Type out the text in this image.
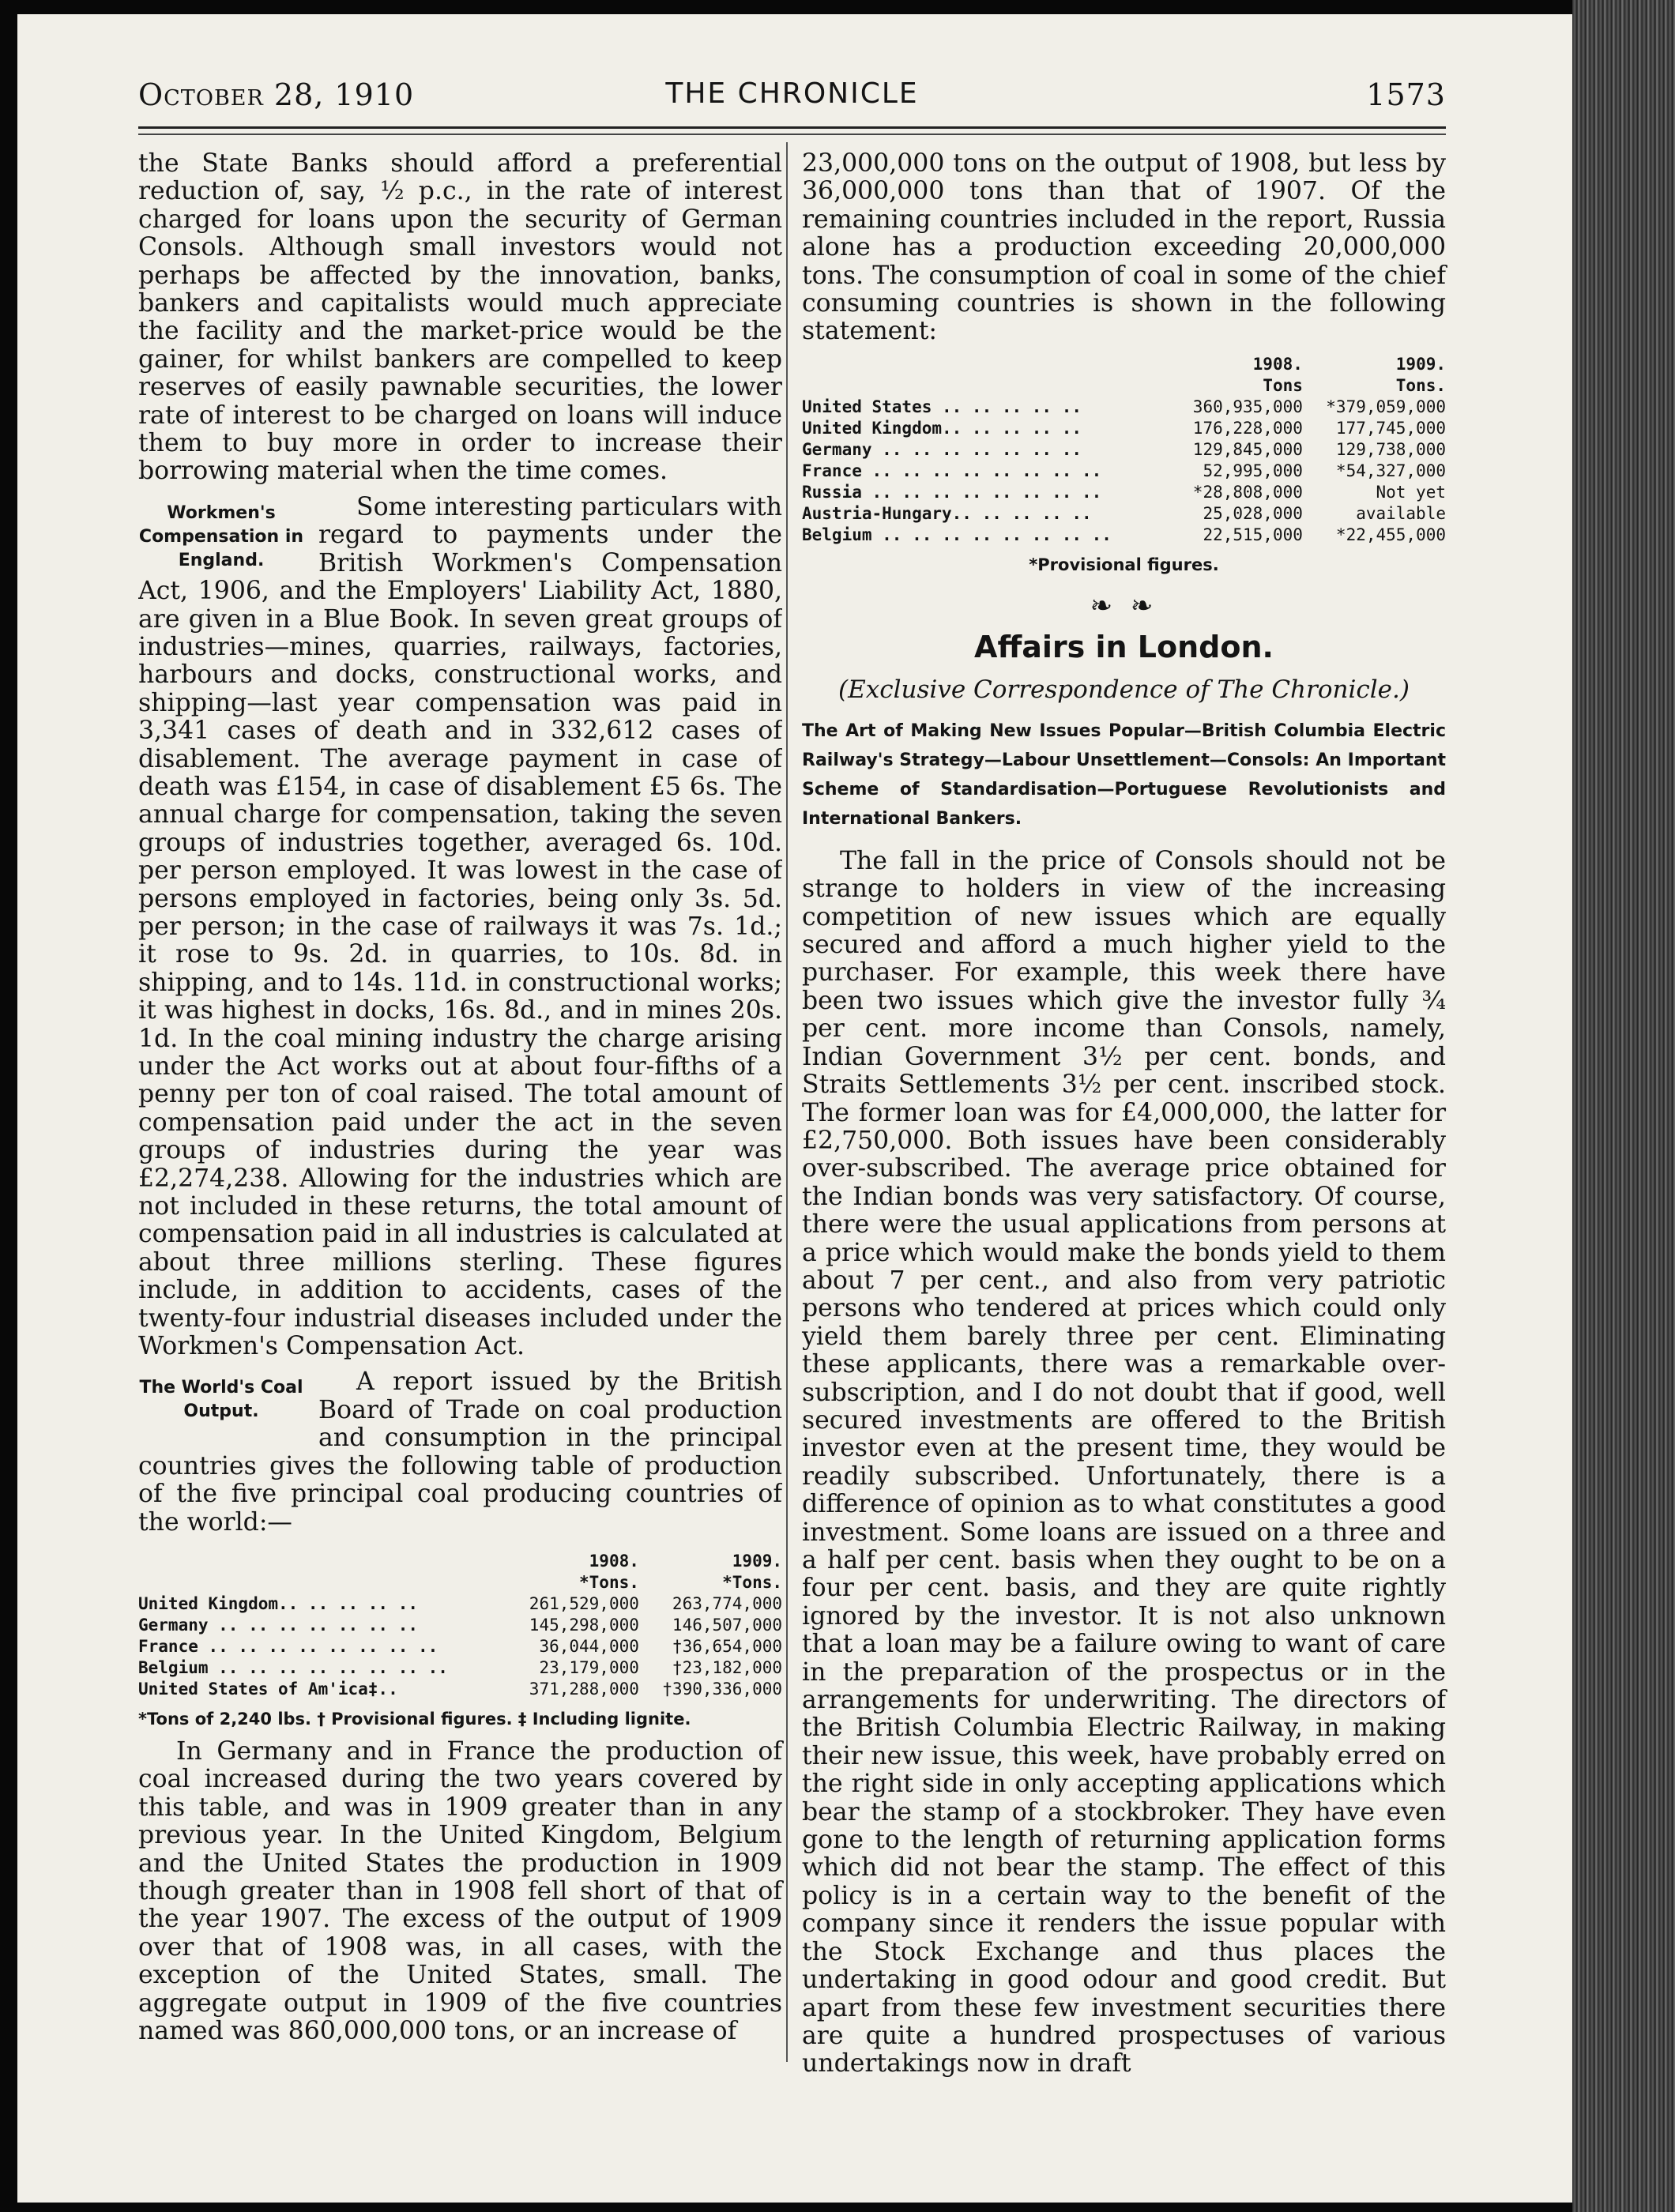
October 28, 1910	THE CHRONICLE	1573

the State Banks should afford a preferential reduction of, say, ½ p.c., in the rate of interest charged for loans upon the security of German Consols. Although small investors would not perhaps be affected by the innovation, banks, bankers and capitalists would much appreciate the facility and the market-price would be the gainer, for whilst bankers are compelled to keep reserves of easily pawnable securities, the lower rate of interest to be charged on loans will induce them to buy more in order to increase their borrowing material when the time comes.

Workmen's Compensation in England.

Some interesting particulars with regard to payments under the British Workmen's Compensation Act, 1906, and the Employers' Liability Act, 1880, are given in a Blue Book. In seven great groups of industries—mines, quarries, railways, factories, harbours and docks, constructional works, and shipping—last year compensation was paid in 3,341 cases of death and in 332,612 cases of disablement. The average payment in case of death was £154, in case of disablement £5 6s. The annual charge for compensation, taking the seven groups of industries together, averaged 6s. 10d. per person employed. It was lowest in the case of persons employed in factories, being only 3s. 5d. per person; in the case of railways it was 7s. 1d.; it rose to 9s. 2d. in quarries, to 10s. 8d. in shipping, and to 14s. 11d. in constructional works; it was highest in docks, 16s. 8d., and in mines 20s. 1d. In the coal mining industry the charge arising under the Act works out at about four-fifths of a penny per ton of coal raised. The total amount of compensation paid under the act in the seven groups of industries during the year was £2,274,238. Allowing for the industries which are not included in these returns, the total amount of compensation paid in all industries is calculated at about three millions sterling. These figures include, in addition to accidents, cases of the twenty-four industrial diseases included under the Workmen's Compensation Act.

The World's Coal Output.

A report issued by the British Board of Trade on coal production and consumption in the principal countries gives the following table of production of the five principal coal producing countries of the world:—

	1908.	1909.
	*Tons.	*Tons.
United Kingdom.. .. .. .. ..	261,529,000	263,774,000
Germany .. .. .. .. .. .. ..	145,298,000	146,507,000
France .. .. .. .. .. .. .. ..	36,044,000	†36,654,000
Belgium .. .. .. .. .. .. .. ..	23,179,000	†23,182,000
United States of Am'ica‡..	371,288,000	†390,336,000
*Tons of 2,240 lbs. † Provisional figures. ‡ Including lignite.

In Germany and in France the production of coal increased during the two years covered by this table, and was in 1909 greater than in any previous year. In the United Kingdom, Belgium and the United States the production in 1909 though greater than in 1908 fell short of that of the year 1907. The excess of the output of 1909 over that of 1908 was, in all cases, with the exception of the United States, small. The aggregate output in 1909 of the five countries named was 860,000,000 tons, or an increase of

23,000,000 tons on the output of 1908, but less by 36,000,000 tons than that of 1907. Of the remaining countries included in the report, Russia alone has a production exceeding 20,000,000 tons. The consumption of coal in some of the chief consuming countries is shown in the following statement:

	1908.	1909.
	Tons	Tons.
United States .. .. .. .. ..	360,935,000	*379,059,000
United Kingdom.. .. .. .. ..	176,228,000	177,745,000
Germany .. .. .. .. .. .. ..	129,845,000	129,738,000
France .. .. .. .. .. .. .. ..	52,995,000	*54,327,000
Russia .. .. .. .. .. .. .. ..	*28,808,000	Not yet
Austria-Hungary.. .. .. .. ..	25,028,000	available
Belgium .. .. .. .. .. .. .. ..	22,515,000	*22,455,000
*Provisional figures.
❧ ❧
Affairs in London.
(Exclusive Correspondence of The Chronicle.)
The Art of Making New Issues Popular—British Columbia Electric Railway's Strategy—Labour Unsettlement—Consols: An Important Scheme of Standardisation—Portuguese Revolutionists and International Bankers.

The fall in the price of Consols should not be strange to holders in view of the increasing competition of new issues which are equally secured and afford a much higher yield to the purchaser. For example, this week there have been two issues which give the investor fully ¾ per cent. more income than Consols, namely, Indian Government 3½ per cent. bonds, and Straits Settlements 3½ per cent. inscribed stock. The former loan was for £4,000,000, the latter for £2,750,000. Both issues have been considerably over-subscribed. The average price obtained for the Indian bonds was very satisfactory. Of course, there were the usual applications from persons at a price which would make the bonds yield to them about 7 per cent., and also from very patriotic persons who tendered at prices which could only yield them barely three per cent. Eliminating these applicants, there was a remarkable over-subscription, and I do not doubt that if good, well secured investments are offered to the British investor even at the present time, they would be readily subscribed. Unfortunately, there is a difference of opinion as to what constitutes a good investment. Some loans are issued on a three and a half per cent. basis when they ought to be on a four per cent. basis, and they are quite rightly ignored by the investor. It is not also unknown that a loan may be a failure owing to want of care in the preparation of the prospectus or in the arrangements for underwriting. The directors of the British Columbia Electric Railway, in making their new issue, this week, have probably erred on the right side in only accepting applications which bear the stamp of a stockbroker. They have even gone to the length of returning application forms which did not bear the stamp. The effect of this policy is in a certain way to the benefit of the company since it renders the issue popular with the Stock Exchange and thus places the undertaking in good odour and good credit. But apart from these few investment securities there are quite a hundred prospectuses of various undertakings now in draft
